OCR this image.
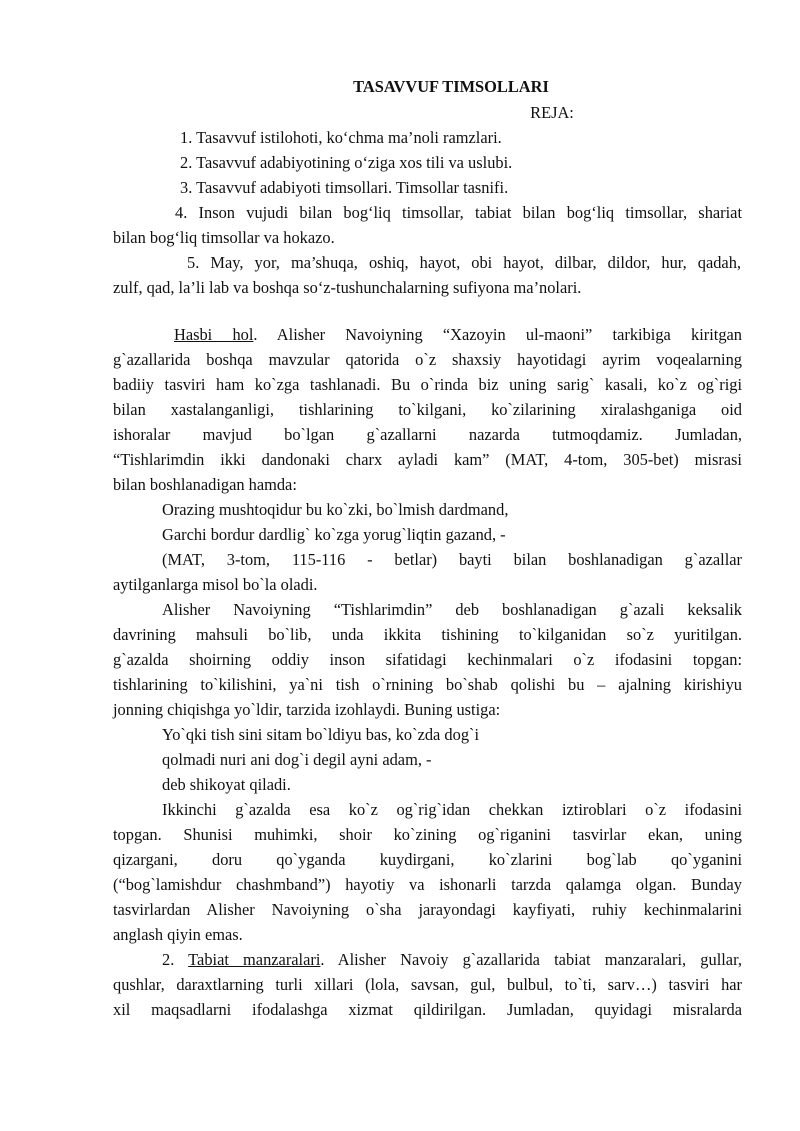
TASAVVUF TIMSOLLARI
REJA:
1. Tasavvuf istilohoti, ko‘chma ma’noli ramzlari.
2. Tasavvuf adabiyotining o‘ziga xos tili va uslubi.
3. Tasavvuf adabiyoti timsollari. Timsollar tasnifi.
4. Inson vujudi bilan bog‘liq timsollar, tabiat bilan bog‘liq timsollar, shariat
bilan bog‘liq timsollar va hokazo.
5. May, yor, ma’shuqa, oshiq, hayot, obi hayot, dilbar, dildor, hur, qadah,
zulf, qad, la’li lab va boshqa so‘z-tushunchalarning sufiyona ma’nolari.
Hasbi hol. Alisher Navoiyning “Xazoyin ul-maoni” tarkibiga kiritgan
g`azallarida boshqa mavzular qatorida o`z shaxsiy hayotidagi ayrim voqealarning
badiiy tasviri ham ko`zga tashlanadi. Bu o`rinda biz uning sarig` kasali, ko`z og`rigi
bilan xastalanganligi, tishlarining to`kilgani, ko`zilarining xiralashganiga oid
ishoralar mavjud bo`lgan g`azallarni nazarda tutmoqdamiz. Jumladan,
“Tishlarimdin ikki dandonaki charx ayladi kam” (MAT, 4-tom, 305-bet) misrasi
bilan boshlanadigan hamda:
Orazing mushtoqidur bu ko`zki, bo`lmish dardmand,
Garchi bordur dardlig` ko`zga yorug`liqtin gazand, -
(MAT, 3-tom, 115-116 - betlar) bayti bilan boshlanadigan g`azallar
aytilganlarga misol bo`la oladi.
Alisher Navoiyning “Tishlarimdin” deb boshlanadigan g`azali keksalik
davrining mahsuli bo`lib, unda ikkita tishining to`kilganidan so`z yuritilgan.
g`azalda shoirning oddiy inson sifatidagi kechinmalari o`z ifodasini topgan:
tishlarining to`kilishini, ya`ni tish o`rnining bo`shab qolishi bu – ajalning kirishiyu
jonning chiqishga yo`ldir, tarzida izohlaydi. Buning ustiga:
Yo`qki tish sini sitam bo`ldiyu bas, ko`zda dog`i
qolmadi nuri ani dog`i degil ayni adam, -
deb shikoyat qiladi.
Ikkinchi g`azalda esa ko`z og`rig`idan chekkan iztiroblari o`z ifodasini
topgan. Shunisi muhimki, shoir ko`zining og`riganini tasvirlar ekan, uning
qizargani, doru qo`yganda kuydirgani, ko`zlarini bog`lab qo`yganini
(“bog`lamishdur chashmband”) hayotiy va ishonarli tarzda qalamga olgan. Bunday
tasvirlardan Alisher Navoiyning o`sha jarayondagi kayfiyati, ruhiy kechinmalarini
anglash qiyin emas.
2. Tabiat manzaralari. Alisher Navoiy g`azallarida tabiat manzaralari, gullar,
qushlar, daraxtlarning turli xillari (lola, savsan, gul, bulbul, to`ti, sarv…) tasviri har
xil maqsadlarni ifodalashga xizmat qildirilgan. Jumladan, quyidagi misralarda
